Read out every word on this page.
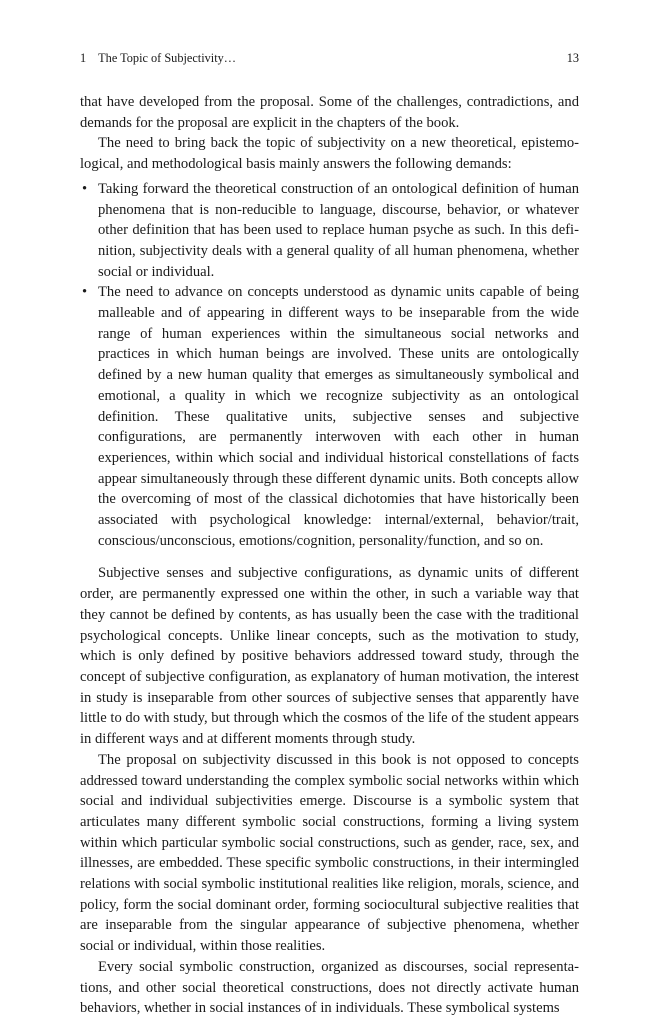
1 The Topic of Subjectivity…	13

that have developed from the proposal. Some of the challenges, contradictions, and demands for the proposal are explicit in the chapters of the book.

The need to bring back the topic of subjectivity on a new theoretical, epistemological, and methodological basis mainly answers the following demands:

• Taking forward the theoretical construction of an ontological definition of human phenomena that is non-reducible to language, discourse, behavior, or whatever other definition that has been used to replace human psyche as such. In this definition, subjectivity deals with a general quality of all human phenomena, whether social or individual.
• The need to advance on concepts understood as dynamic units capable of being malleable and of appearing in different ways to be inseparable from the wide range of human experiences within the simultaneous social networks and practices in which human beings are involved. These units are ontologically defined by a new human quality that emerges as simultaneously symbolical and emotional, a quality in which we recognize subjectivity as an ontological definition. These qualitative units, subjective senses and subjective configurations, are permanently interwoven with each other in human experiences, within which social and individual historical constellations of facts appear simultaneously through these different dynamic units. Both concepts allow the overcoming of most of the classical dichotomies that have historically been associated with psychological knowledge: internal/external, behavior/trait, conscious/unconscious, emotions/cognition, personality/function, and so on.

Subjective senses and subjective configurations, as dynamic units of different order, are permanently expressed one within the other, in such a variable way that they cannot be defined by contents, as has usually been the case with the traditional psychological concepts. Unlike linear concepts, such as the motivation to study, which is only defined by positive behaviors addressed toward study, through the concept of subjective configuration, as explanatory of human motivation, the interest in study is inseparable from other sources of subjective senses that apparently have little to do with study, but through which the cosmos of the life of the student appears in different ways and at different moments through study.

The proposal on subjectivity discussed in this book is not opposed to concepts addressed toward understanding the complex symbolic social networks within which social and individual subjectivities emerge. Discourse is a symbolic system that articulates many different symbolic social constructions, forming a living system within which particular symbolic social constructions, such as gender, race, sex, and illnesses, are embedded. These specific symbolic constructions, in their intermingled relations with social symbolic institutional realities like religion, morals, science, and policy, form the social dominant order, forming sociocultural subjective realities that are inseparable from the singular appearance of subjective phenomena, whether social or individual, within those realities.

Every social symbolic construction, organized as discourses, social representations, and other social theoretical constructions, does not directly activate human behaviors, whether in social instances of in individuals. These symbolical systems
